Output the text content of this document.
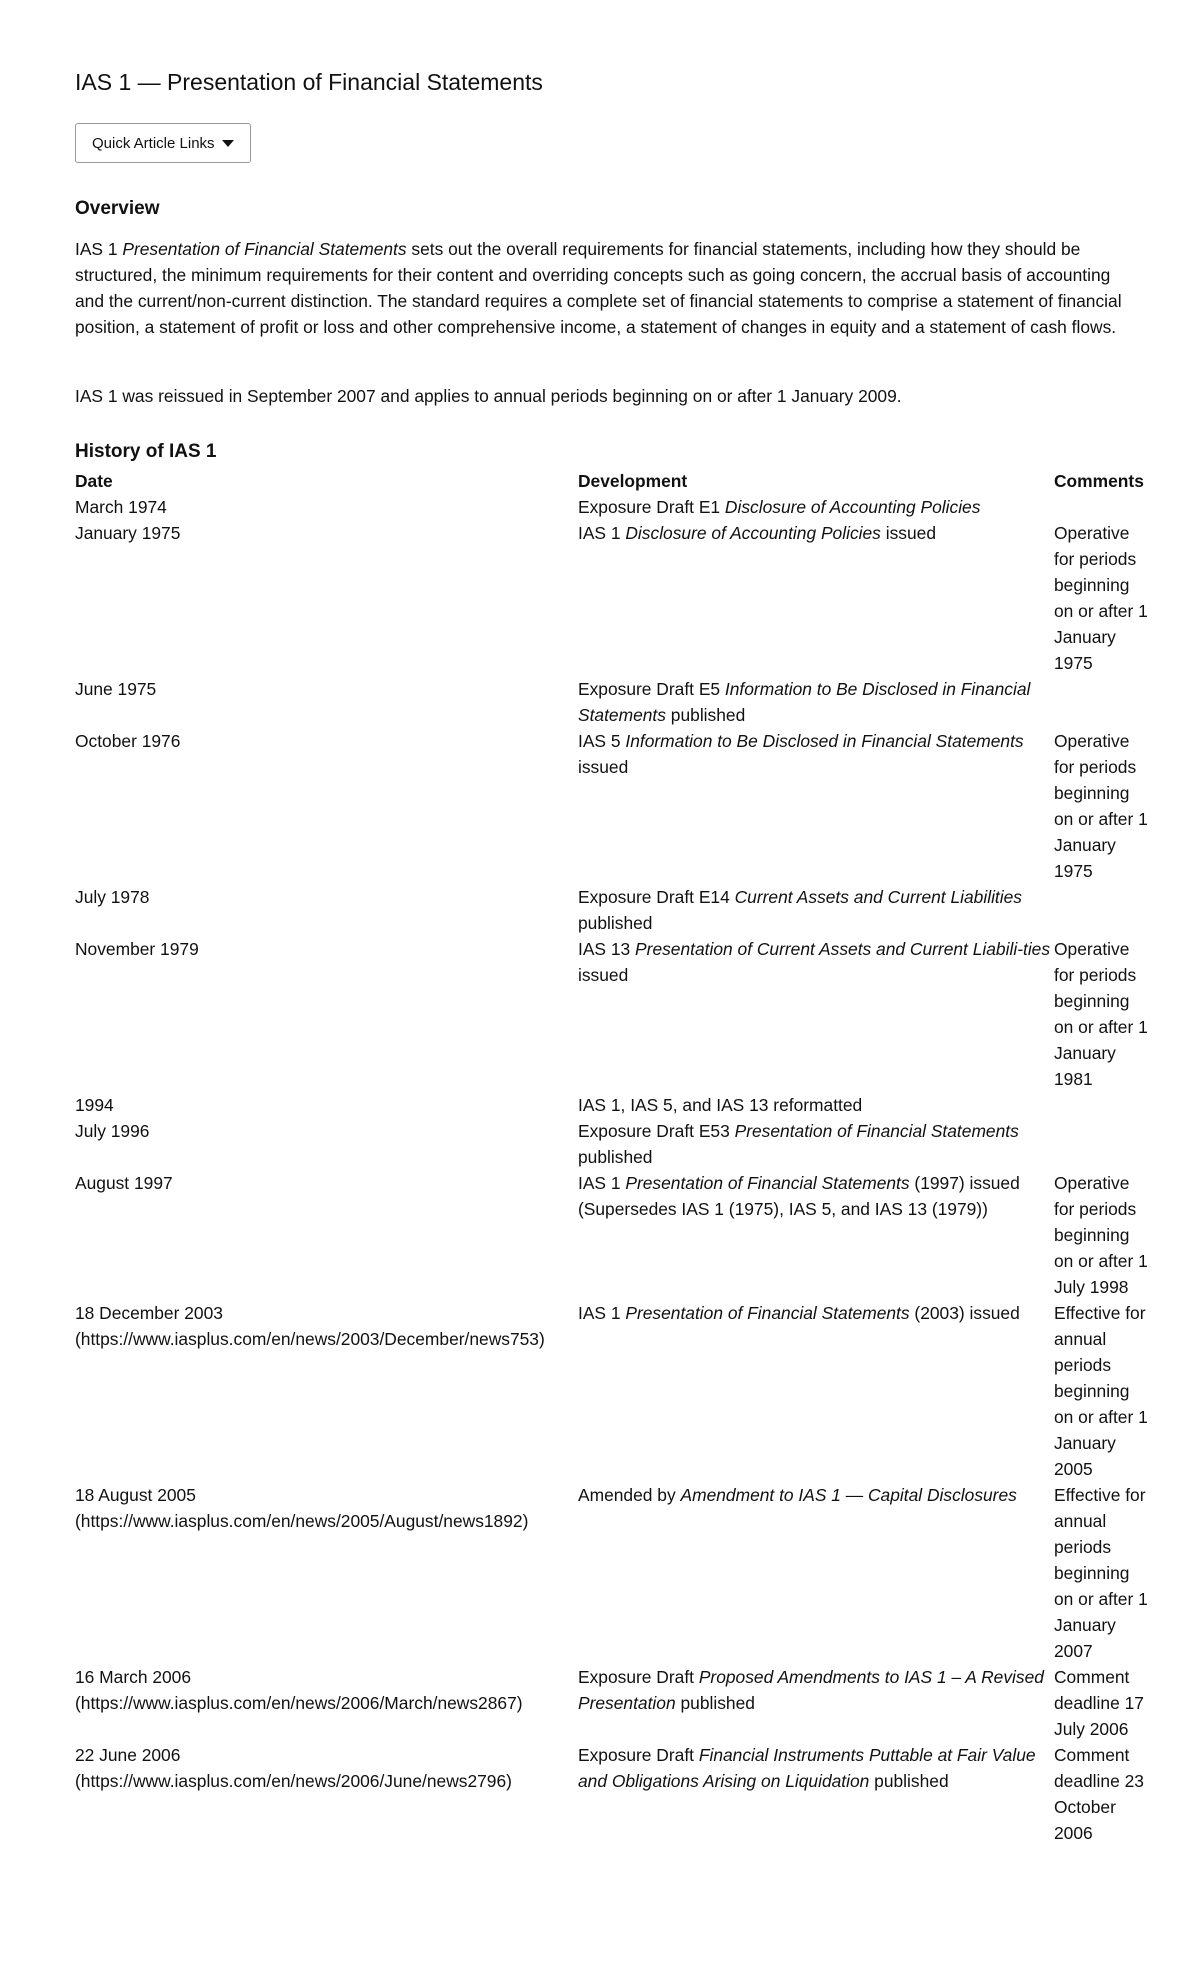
IAS 1 — Presentation of Financial Statements
Quick Article Links
Overview

IAS 1 Presentation of Financial Statements sets out the overall requirements for financial statements, including how they should be structured, the minimum requirements for their content and overriding concepts such as going concern, the accrual basis of accounting and the current/non-current distinction. The standard requires a complete set of financial statements to comprise a statement of financial position, a statement of profit or loss and other comprehensive income, a statement of changes in equity and a statement of cash flows.

IAS 1 was reissued in September 2007 and applies to annual periods beginning on or after 1 January 2009.

History of IAS 1
Date	Development	Comments

March 1974	Exposure Draft E1 Disclosure of Accounting Policies	

January 1975	IAS 1 Disclosure of Accounting Policies issued	Operative for periods beginning on or after 1 January 1975

June 1975	Exposure Draft E5 Information to Be Disclosed in Financial Statements published	

October 1976	IAS 5 Information to Be Disclosed in Financial Statements issued	Operative for periods beginning on or after 1 January 1975

July 1978	Exposure Draft E14 Current Assets and Current Liabilities published	

November 1979	IAS 13 Presentation of Current Assets and Current Liabili-ties issued	Operative for periods beginning on or after 1 January 1981

1994	IAS 1, IAS 5, and IAS 13 reformatted	

July 1996	Exposure Draft E53 Presentation of Financial Statements published	

August 1997	IAS 1 Presentation of Financial Statements (1997) issued (Supersedes IAS 1 (1975), IAS 5, and IAS 13 (1979))	Operative for periods beginning on or after 1 July 1998

18 December 2003
(https://www.iasplus.com/en/news/2003/December/news753)	IAS 1 Presentation of Financial Statements (2003) issued	Effective for annual periods beginning on or after 1 January 2005

18 August 2005
(https://www.iasplus.com/en/news/2005/August/news1892)	Amended by Amendment to IAS 1 — Capital Disclosures	Effective for annual periods beginning on or after 1 January 2007

16 March 2006
(https://www.iasplus.com/en/news/2006/March/news2867)	Exposure Draft Proposed Amendments to IAS 1 – A Revised Presentation published	Comment deadline 17 July 2006

22 June 2006
(https://www.iasplus.com/en/news/2006/June/news2796)	Exposure Draft Financial Instruments Puttable at Fair Value and Obligations Arising on Liquidation published	Comment deadline 23 October 2006
